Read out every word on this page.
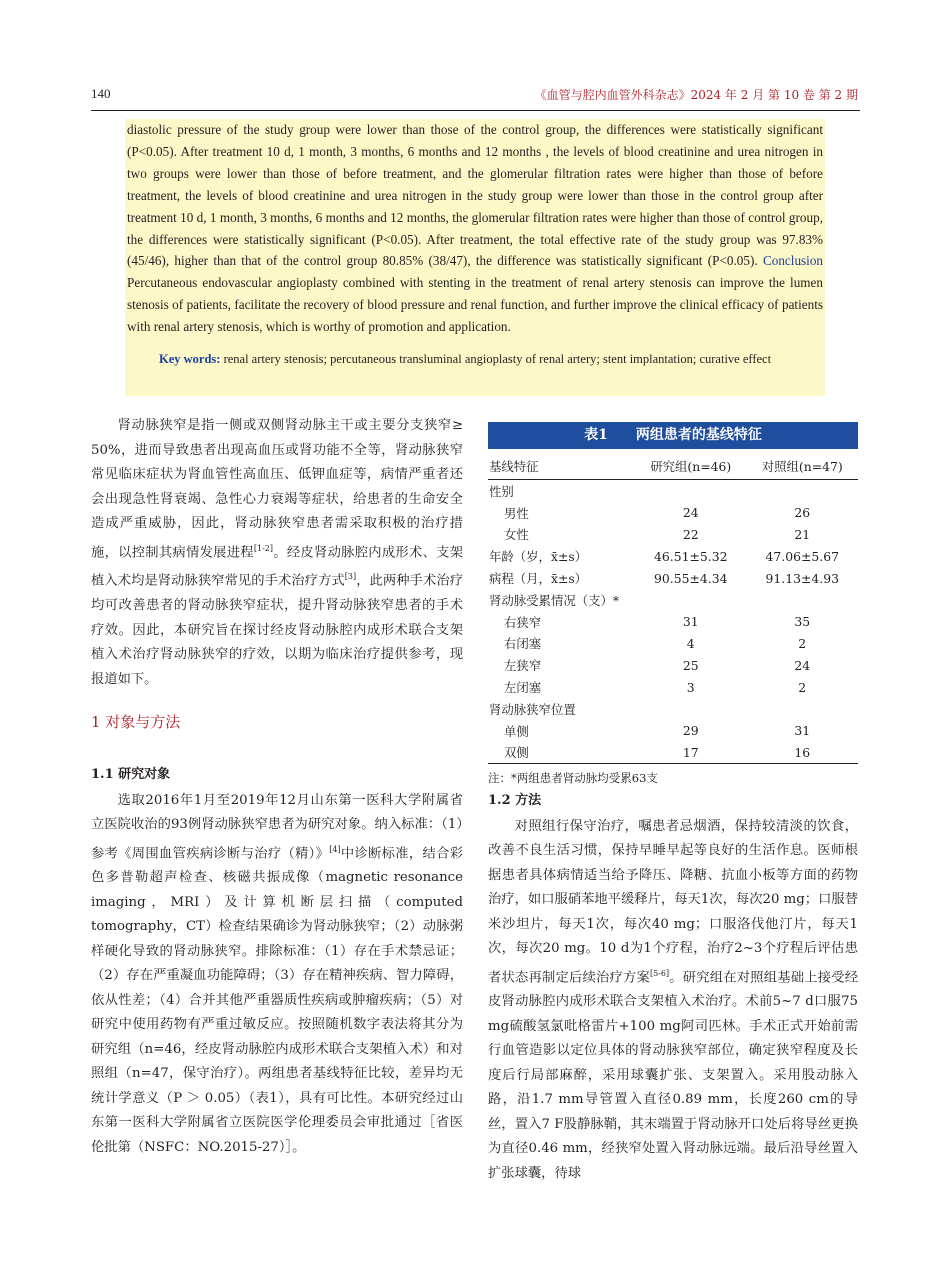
140	《血管与腔内血管外科杂志》2024 年 2 月 第 10 卷 第 2 期

diastolic pressure of the study group were lower than those of the control group, the differences were statistically significant (P<0.05). After treatment 10 d, 1 month, 3 months, 6 months and 12 months , the levels of blood creatinine and urea nitrogen in two groups were lower than those of before treatment, and the glomerular filtration rates were higher than those of before treatment, the levels of blood creatinine and urea nitrogen in the study group were lower than those in the control group after treatment 10 d, 1 month, 3 months, 6 months and 12 months, the glomerular filtration rates were higher than those of control group, the differences were statistically significant (P<0.05). After treatment, the total effective rate of the study group was 97.83% (45/46), higher than that of the control group 80.85% (38/47), the difference was statistically significant (P<0.05). Conclusion Percutaneous endovascular angioplasty combined with stenting in the treatment of renal artery stenosis can improve the lumen stenosis of patients, facilitate the recovery of blood pressure and renal function, and further improve the clinical efficacy of patients with renal artery stenosis, which is worthy of promotion and application.

Key words: renal artery stenosis; percutaneous transluminal angioplasty of renal artery; stent implantation; curative effect

肾动脉狭窄是指一侧或双侧肾动脉主干或主要分支狭窄≥ 50%，进而导致患者出现高血压或肾功能不全等，肾动脉狭窄常见临床症状为肾血管性高血压、低钾血症等，病情严重者还会出现急性肾衰竭、急性心力衰竭等症状，给患者的生命安全造成严重威胁，因此，肾动脉狭窄患者需采取积极的治疗措施，以控制其病情发展进程[1-2]。经皮肾动脉腔内成形术、支架植入术均是肾动脉狭窄常见的手术治疗方式[3]，此两种手术治疗均可改善患者的肾动脉狭窄症状，提升肾动脉狭窄患者的手术疗效。因此，本研究旨在探讨经皮肾动脉腔内成形术联合支架植入术治疗肾动脉狭窄的疗效，以期为临床治疗提供参考，现报道如下。

1 对象与方法

1.1 研究对象

选取2016年1月至2019年12月山东第一医科大学附属省立医院收治的93例肾动脉狭窄患者为研究对象。纳入标准：（1）参考《周围血管疾病诊断与治疗（精）》[4]中诊断标准，结合彩色多普勒超声检查、核磁共振成像（magnetic resonance imaging，MRI）及计算机断层扫描（computed tomography，CT）检查结果确诊为肾动脉狭窄；（2）动脉粥样硬化导致的肾动脉狭窄。排除标准：（1）存在手术禁忌证；（2）存在严重凝血功能障碍；（3）存在精神疾病、智力障碍，依从性差；（4）合并其他严重器质性疾病或肿瘤疾病；（5）对研究中使用药物有严重过敏反应。按照随机数字表法将其分为研究组（n=46，经皮肾动脉腔内成形术联合支架植入术）和对照组（n=47，保守治疗）。两组患者基线特征比较，差异均无统计学意义（P ＞ 0.05）（表1），具有可比性。本研究经过山东第一医科大学附属省立医院医学伦理委员会审批通过［省医伦批第（NSFC：NO.2015-27）］。

表1 两组患者的基线特征
基线特征	研究组(n=46)	对照组(n=47)
性别		
男性	24	26
女性	22	21
年龄（岁，x̄±s）	46.51±5.32	47.06±5.67
病程（月，x̄±s）	90.55±4.34	91.13±4.93
肾动脉受累情况（支）*		
右狭窄	31	35
右闭塞	4	2
左狭窄	25	24
左闭塞	3	2
肾动脉狭窄位置		
单侧	29	31
双侧	17	16
注：*两组患者肾动脉均受累63支

1.2 方法

对照组行保守治疗，嘱患者忌烟酒，保持较清淡的饮食，改善不良生活习惯，保持早睡早起等良好的生活作息。医师根据患者具体病情适当给予降压、降糖、抗血小板等方面的药物治疗，如口服硝苯地平缓释片，每天1次，每次20 mg；口服替米沙坦片，每天1次，每次40 mg；口服洛伐他汀片，每天1次，每次20 mg。10 d为1个疗程，治疗2~3个疗程后评估患者状态再制定后续治疗方案[5-6]。研究组在对照组基础上接受经皮肾动脉腔内成形术联合支架植入术治疗。术前5~7 d口服75 mg硫酸氢氯吡格雷片+100 mg阿司匹林。手术正式开始前需行血管造影以定位具体的肾动脉狭窄部位，确定狭窄程度及长度后行局部麻醉，采用球囊扩张、支架置入。采用股动脉入路，沿1.7 mm导管置入直径0.89 mm，长度260 cm的导丝，置入7 F股静脉鞘，其末端置于肾动脉开口处后将导丝更换为直径0.46 mm，经狭窄处置入肾动脉远端。最后沿导丝置入扩张球囊，待球
